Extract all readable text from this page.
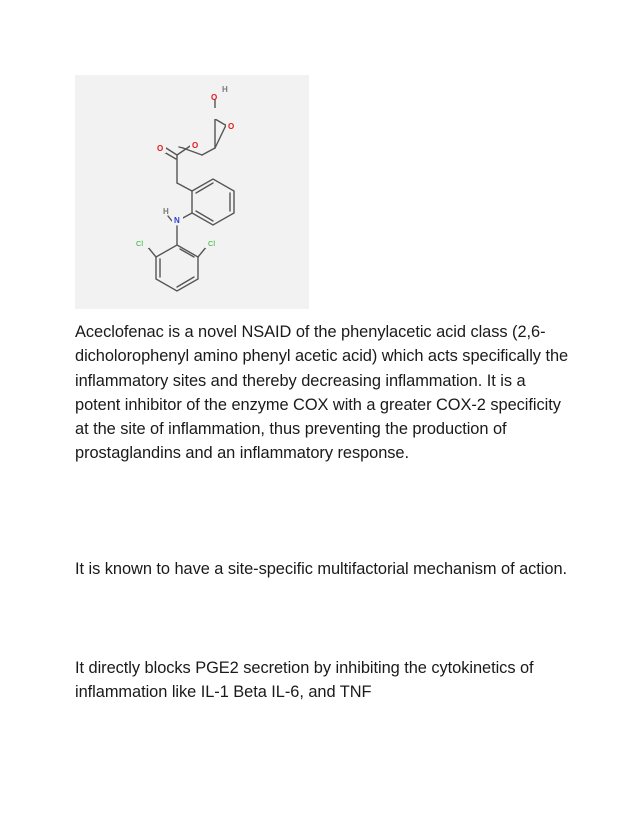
H
O
O
O
O
H
N
Cl	Cl

Aceclofenac is a novel NSAID of the phenylacetic acid class (2,6-dicholorophenyl amino phenyl acetic acid) which acts specifically the inflammatory sites and thereby decreasing inflammation. It is a potent inhibitor of the enzyme COX with a greater COX-2 specificity at the site of inflammation, thus preventing the production of prostaglandins and an inflammatory response.

It is known to have a site-specific multifactorial mechanism of action.

It directly blocks PGE2 secretion by inhibiting the cytokinetics of inflammation like IL-1 Beta IL-6, and TNF
